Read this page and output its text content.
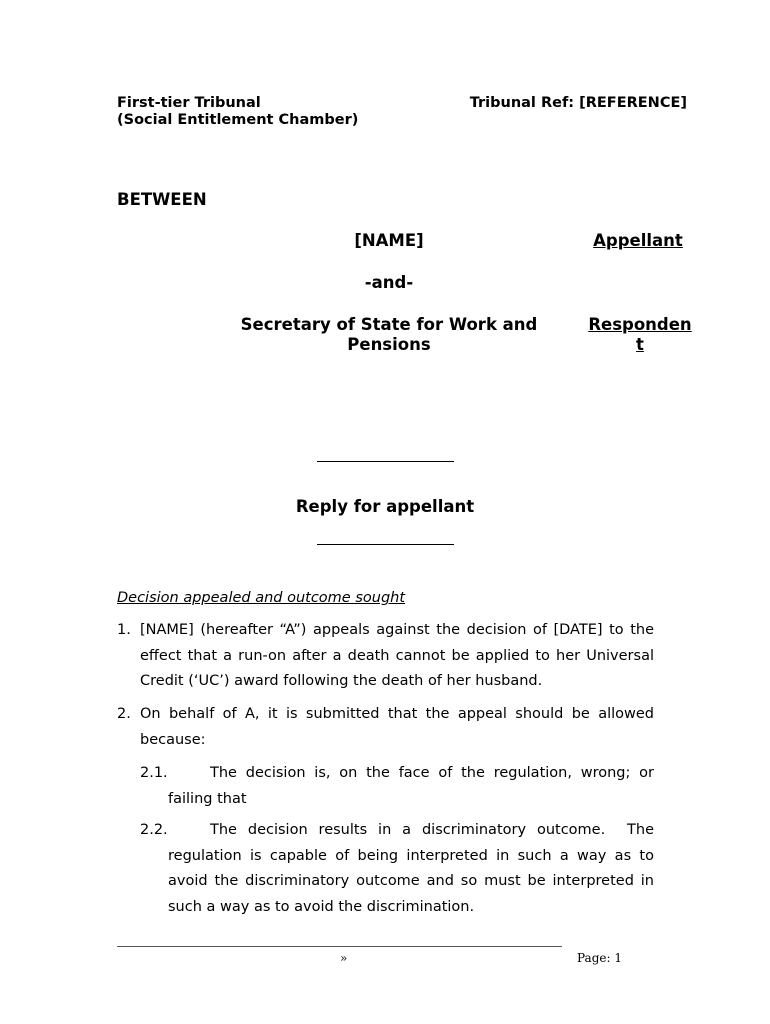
First-tier Tribunal
(Social Entitlement Chamber)
Tribunal Ref: [REFERENCE]
BETWEEN
[NAME]	Appellant
-and-
Secretary of State for Work and Pensions
Respondent
Reply for appellant
Decision appealed and outcome sought
1. [NAME] (hereafter “A”) appeals against the decision of [DATE] to the effect that a run-on after a death cannot be applied to her Universal Credit (‘UC’) award following the death of her husband.
2. On behalf of A, it is submitted that the appeal should be allowed because:
2.1.	The decision is, on the face of the regulation, wrong; or failing that
2.2.	The decision results in a discriminatory outcome.  The regulation is capable of being interpreted in such a way as to avoid the discriminatory outcome and so must be interpreted in such a way as to avoid the discrimination.
»	Page: 1
